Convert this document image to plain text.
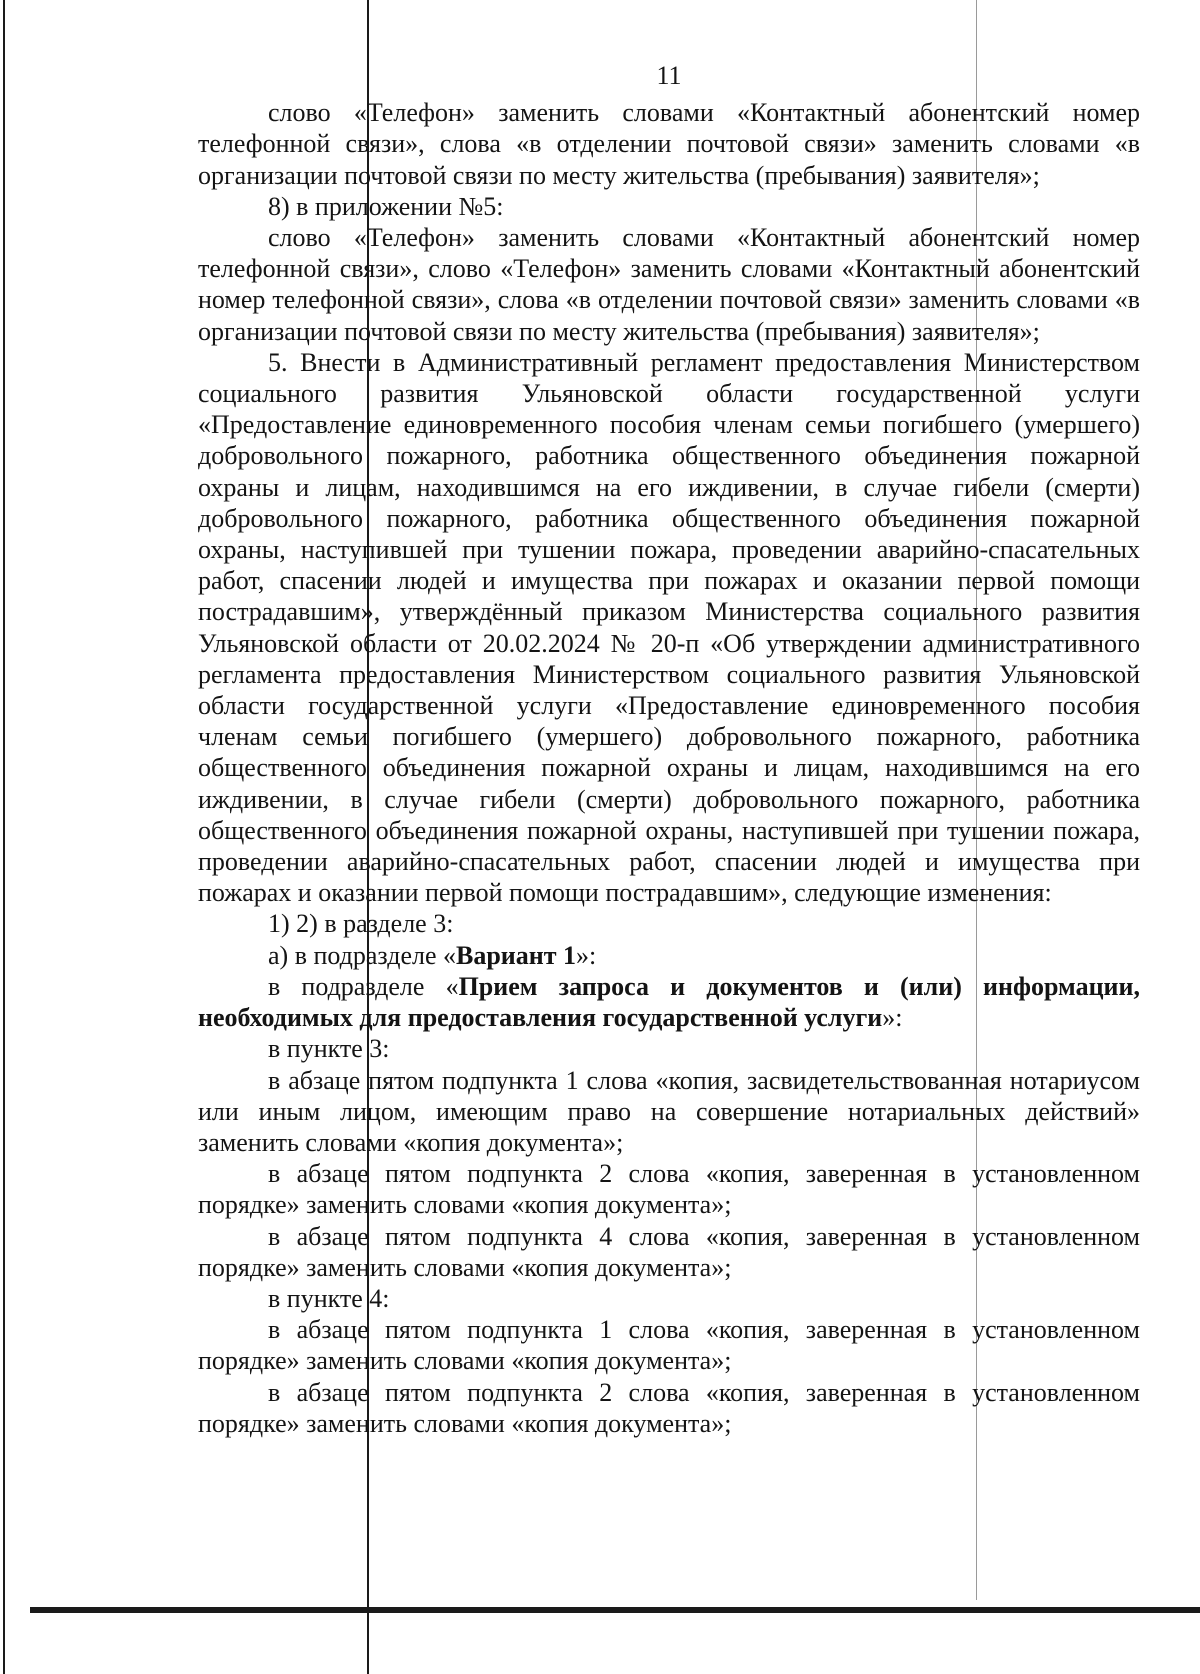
11

слово «Телефон» заменить словами «Контактный абонентский номер телефонной связи», слова «в отделении почтовой связи» заменить словами «в организации почтовой связи по месту жительства (пребывания) заявителя»;

8) в приложении №5:

слово «Телефон» заменить словами «Контактный абонентский номер телефонной связи», слово «Телефон» заменить словами «Контактный абонентский номер телефонной связи», слова «в отделении почтовой связи» заменить словами «в организации почтовой связи по месту жительства (пребывания) заявителя»;

5. Внести в Административный регламент предоставления Министерством социального развития Ульяновской области государственной услуги «Предоставление единовременного пособия членам семьи погибшего (умершего) добровольного пожарного, работника общественного объединения пожарной охраны и лицам, находившимся на его иждивении, в случае гибели (смерти) добровольного пожарного, работника общественного объединения пожарной охраны, наступившей при тушении пожара, проведении аварийно-спасательных работ, спасении людей и имущества при пожарах и оказании первой помощи пострадавшим», утверждённый приказом Министерства социального развития Ульяновской области от 20.02.2024 № 20-п «Об утверждении административного регламента предоставления Министерством социального развития Ульяновской области государственной услуги «Предоставление единовременного пособия членам семьи погибшего (умершего) добровольного пожарного, работника общественного объединения пожарной охраны и лицам, находившимся на его иждивении, в случае гибели (смерти) добровольного пожарного, работника общественного объединения пожарной охраны, наступившей при тушении пожара, проведении аварийно-спасательных работ, спасении людей и имущества при пожарах и оказании первой помощи пострадавшим», следующие изменения:

1) 2) в разделе 3:

а) в подразделе «Вариант 1»:

в подразделе «Прием запроса и документов и (или) информации, необходимых для предоставления государственной услуги»:

в пункте 3:

в абзаце пятом подпункта 1 слова «копия, засвидетельствованная нотариусом или иным лицом, имеющим право на совершение нотариальных действий» заменить словами «копия документа»;

в абзаце пятом подпункта 2 слова «копия, заверенная в установленном порядке» заменить словами «копия документа»;

в абзаце пятом подпункта 4 слова «копия, заверенная в установленном порядке» заменить словами «копия документа»;

в пункте 4:

в абзаце пятом подпункта 1 слова «копия, заверенная в установленном порядке» заменить словами «копия документа»;

в абзаце пятом подпункта 2 слова «копия, заверенная в установленном порядке» заменить словами «копия документа»;
